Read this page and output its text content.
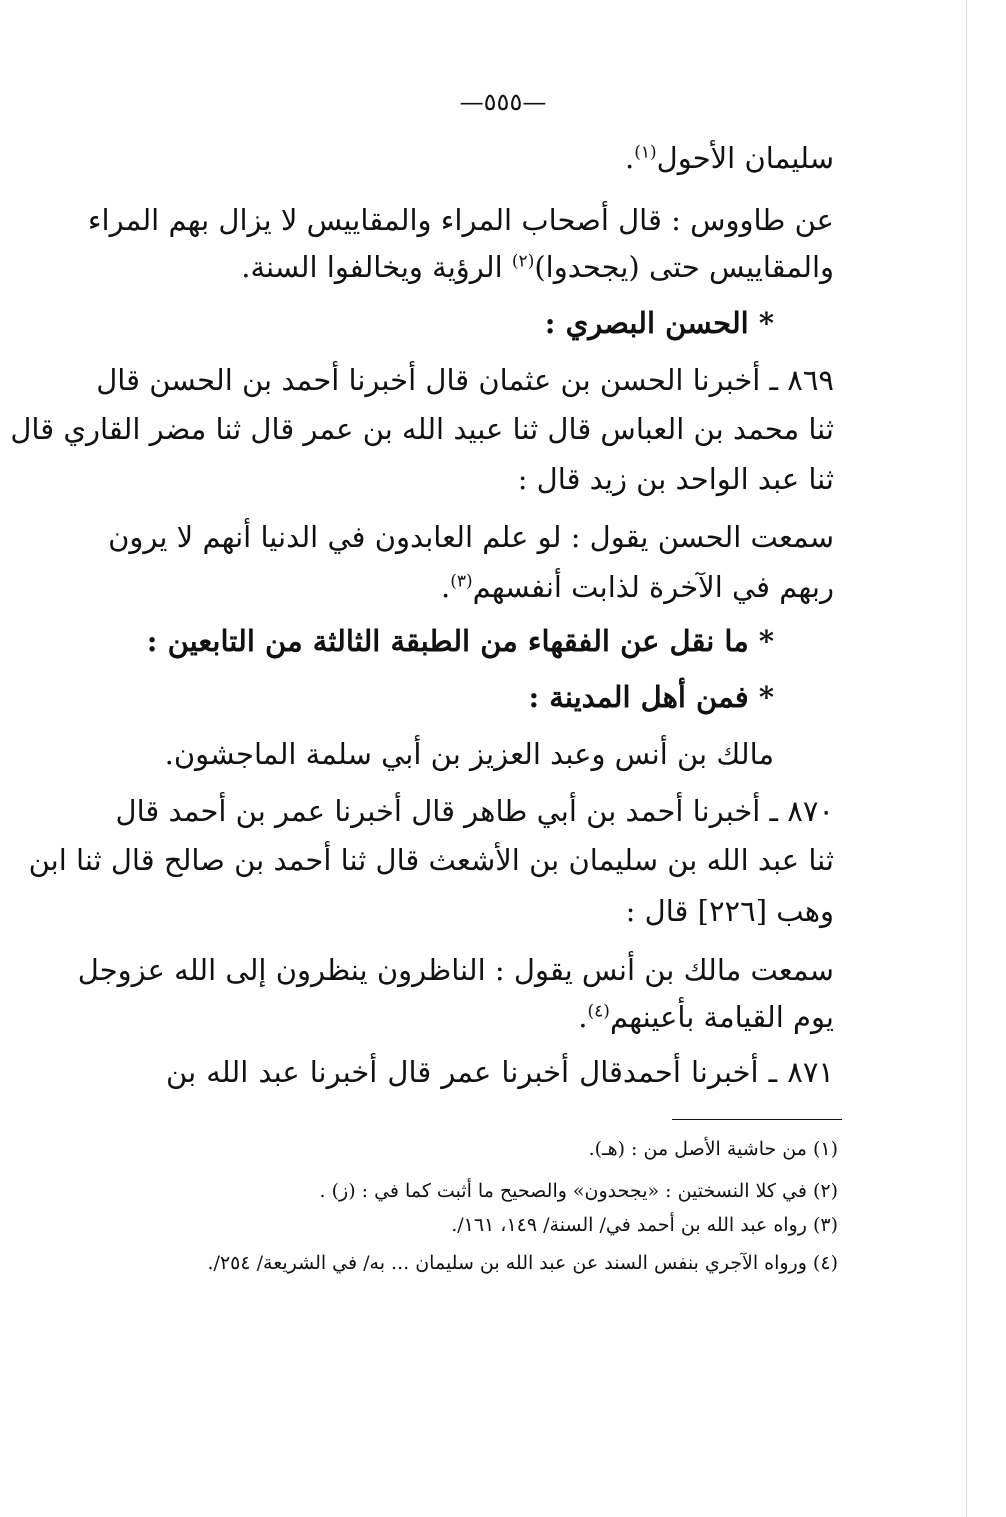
—٥٥٥—
سليمان الأحول$^{(١)}$.
عن طاووس : قال أصحاب المراء والمقاييس لا يزال بهم المراء
والمقاييس حتى (يجحدوا)$^{(٢)}$ الرؤية ويخالفوا السنة.
* الحسن البصري :
٨٦٩ ـ أخبرنا الحسن بن عثمان قال أخبرنا أحمد بن الحسن قال
ثنا محمد بن العباس قال ثنا عبيد الله بن عمر قال ثنا مضر القاري قال
ثنا عبد الواحد بن زيد قال :
سمعت الحسن يقول : لو علم العابدون في الدنيا أنهم لا يرون
ربهم في الآخرة لذابت أنفسهم$^{(٣)}$.
* ما نقل عن الفقهاء من الطبقة الثالثة من التابعين :
* فمن أهل المدينة :
مالك بن أنس وعبد العزيز بن أبي سلمة الماجشون.
٨٧٠ ـ أخبرنا أحمد بن أبي طاهر قال أخبرنا عمر بن أحمد قال
ثنا عبد الله بن سليمان بن الأشعث قال ثنا أحمد بن صالح قال ثنا ابن
وهب [٢٢٦] قال :
سمعت مالك بن أنس يقول : الناظرون ينظرون إلى الله عزوجل
يوم القيامة بأعينهم$^{(٤)}$.
٨٧١ ـ أخبرنا أحمدقال أخبرنا عمر قال أخبرنا عبد الله بن
(١) من حاشية الأصل من : (هـ).
(٢) في كلا النسختين : «يجحدون» والصحيح ما أثبت كما في : (ز) .
(٣) رواه عبد الله بن أحمد في/ السنة/ ١٤٩، ١٦١/.
(٤) ورواه الآجري بنفس السند عن عبد الله بن سليمان ... به/ في الشريعة/ ٢٥٤/.
